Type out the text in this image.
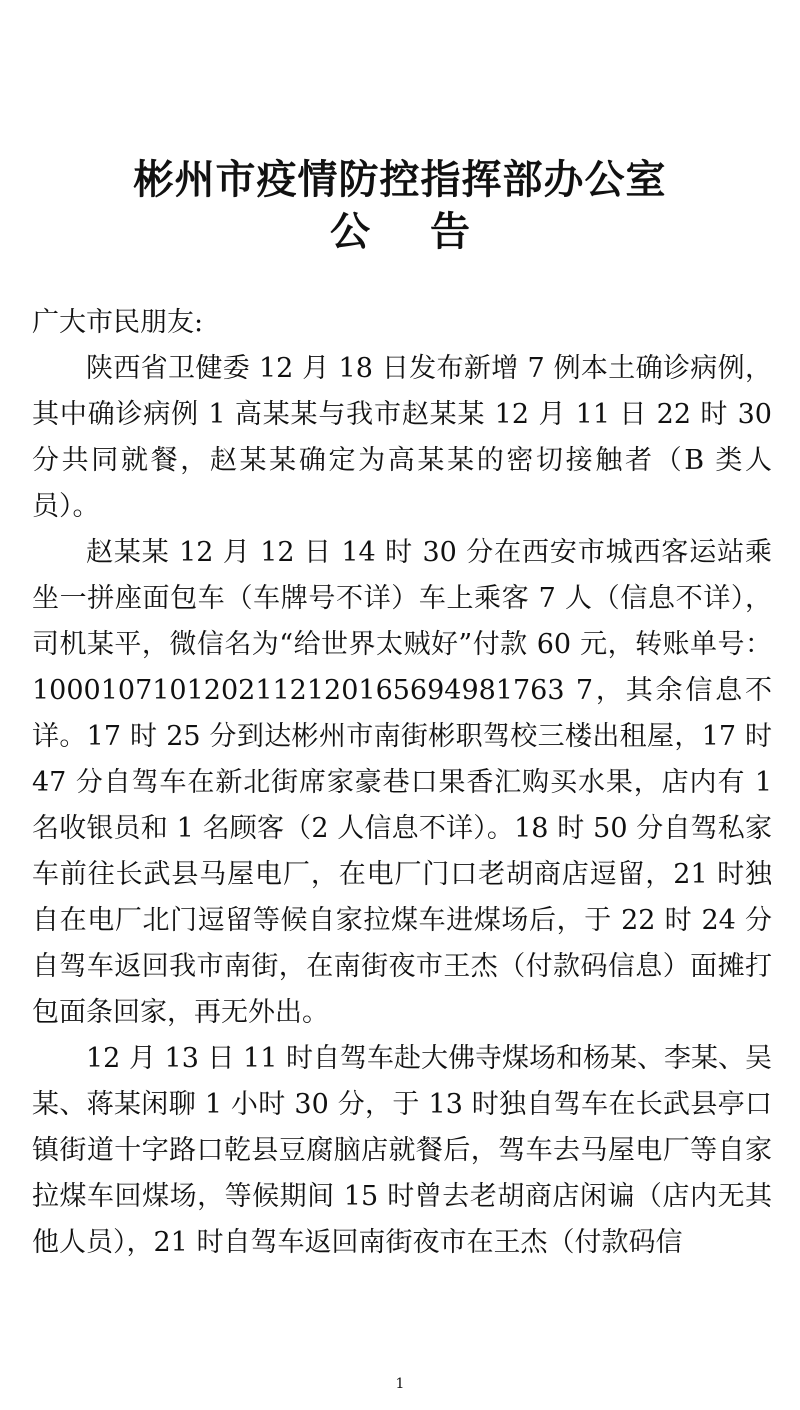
彬州市疫情防控指挥部办公室
公告

广大市民朋友:

陕西省卫健委 12 月 18 日发布新增 7 例本土确诊病例，其中确诊病例 1 高某某与我市赵某某 12 月 11 日 22 时 30 分共同就餐，赵某某确定为高某某的密切接触者（B 类人员）。

赵某某 12 月 12 日 14 时 30 分在西安市城西客运站乘坐一拼座面包车（车牌号不详）车上乘客 7 人（信息不详），司机某平，微信名为“给世界太贼好”付款 60 元，转账单号：1000107101202112120165694981763 7，其余信息不详。17 时 25 分到达彬州市南街彬职驾校三楼出租屋，17 时 47 分自驾车在新北街席家豪巷口果香汇购买水果，店内有 1 名收银员和 1 名顾客（2 人信息不详）。18 时 50 分自驾私家车前往长武县马屋电厂，在电厂门口老胡商店逗留，21 时独自在电厂北门逗留等候自家拉煤车进煤场后，于 22 时 24 分自驾车返回我市南街，在南街夜市王杰（付款码信息）面摊打包面条回家，再无外出。

12 月 13 日 11 时自驾车赴大佛寺煤场和杨某、李某、吴某、蒋某闲聊 1 小时 30 分，于 13 时独自驾车在长武县亭口镇街道十字路口乾县豆腐脑店就餐后，驾车去马屋电厂等自家拉煤车回煤场，等候期间 15 时曾去老胡商店闲谝（店内无其他人员），21 时自驾车返回南街夜市在王杰（付款码信

1
